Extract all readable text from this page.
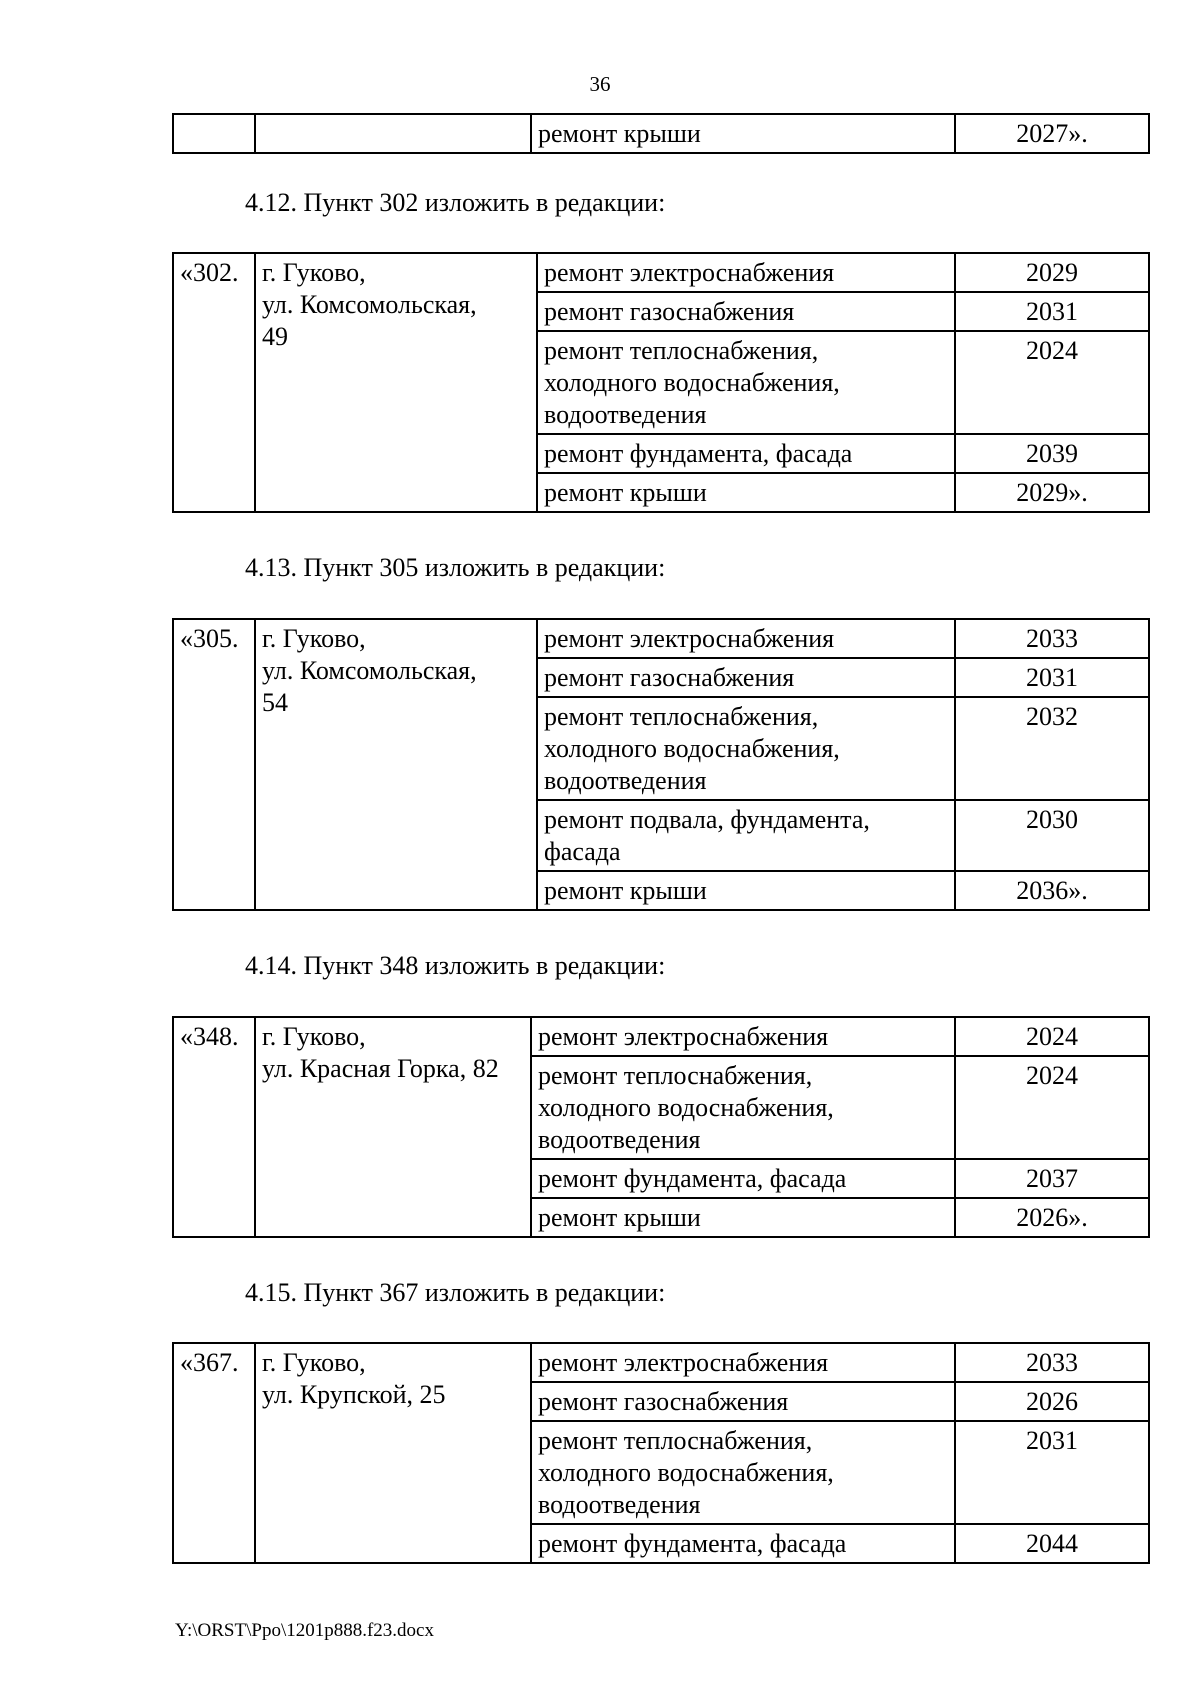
36
		ремонт крыши	2027».
4.12. Пункт 302 изложить в редакции:
«302.	г. Гуково,
ул. Комсомольская,
49	ремонт электроснабжения	2029

		ремонт газоснабжения	2031

		ремонт теплоснабжения,
холодного водоснабжения,
водоотведения	2024

		ремонт фундамента, фасада	2039

		ремонт крыши	2029».
4.13. Пункт 305 изложить в редакции:
«305.	г. Гуково,
ул. Комсомольская,
54	ремонт электроснабжения	2033

		ремонт газоснабжения	2031

		ремонт теплоснабжения,
холодного водоснабжения,
водоотведения	2032

		ремонт подвала, фундамента,
фасада	2030

		ремонт крыши	2036».
4.14. Пункт 348 изложить в редакции:
«348.	г. Гуково,
ул. Красная Горка, 82	ремонт электроснабжения	2024

		ремонт теплоснабжения,
холодного водоснабжения,
водоотведения	2024

		ремонт фундамента, фасада	2037

		ремонт крыши	2026».
4.15. Пункт 367 изложить в редакции:
«367.	г. Гуково,
ул. Крупской, 25	ремонт электроснабжения	2033

		ремонт газоснабжения	2026

		ремонт теплоснабжения,
холодного водоснабжения,
водоотведения	2031

		ремонт фундамента, фасада	2044
Y:\ORST\Ppo\1201p888.f23.docx
